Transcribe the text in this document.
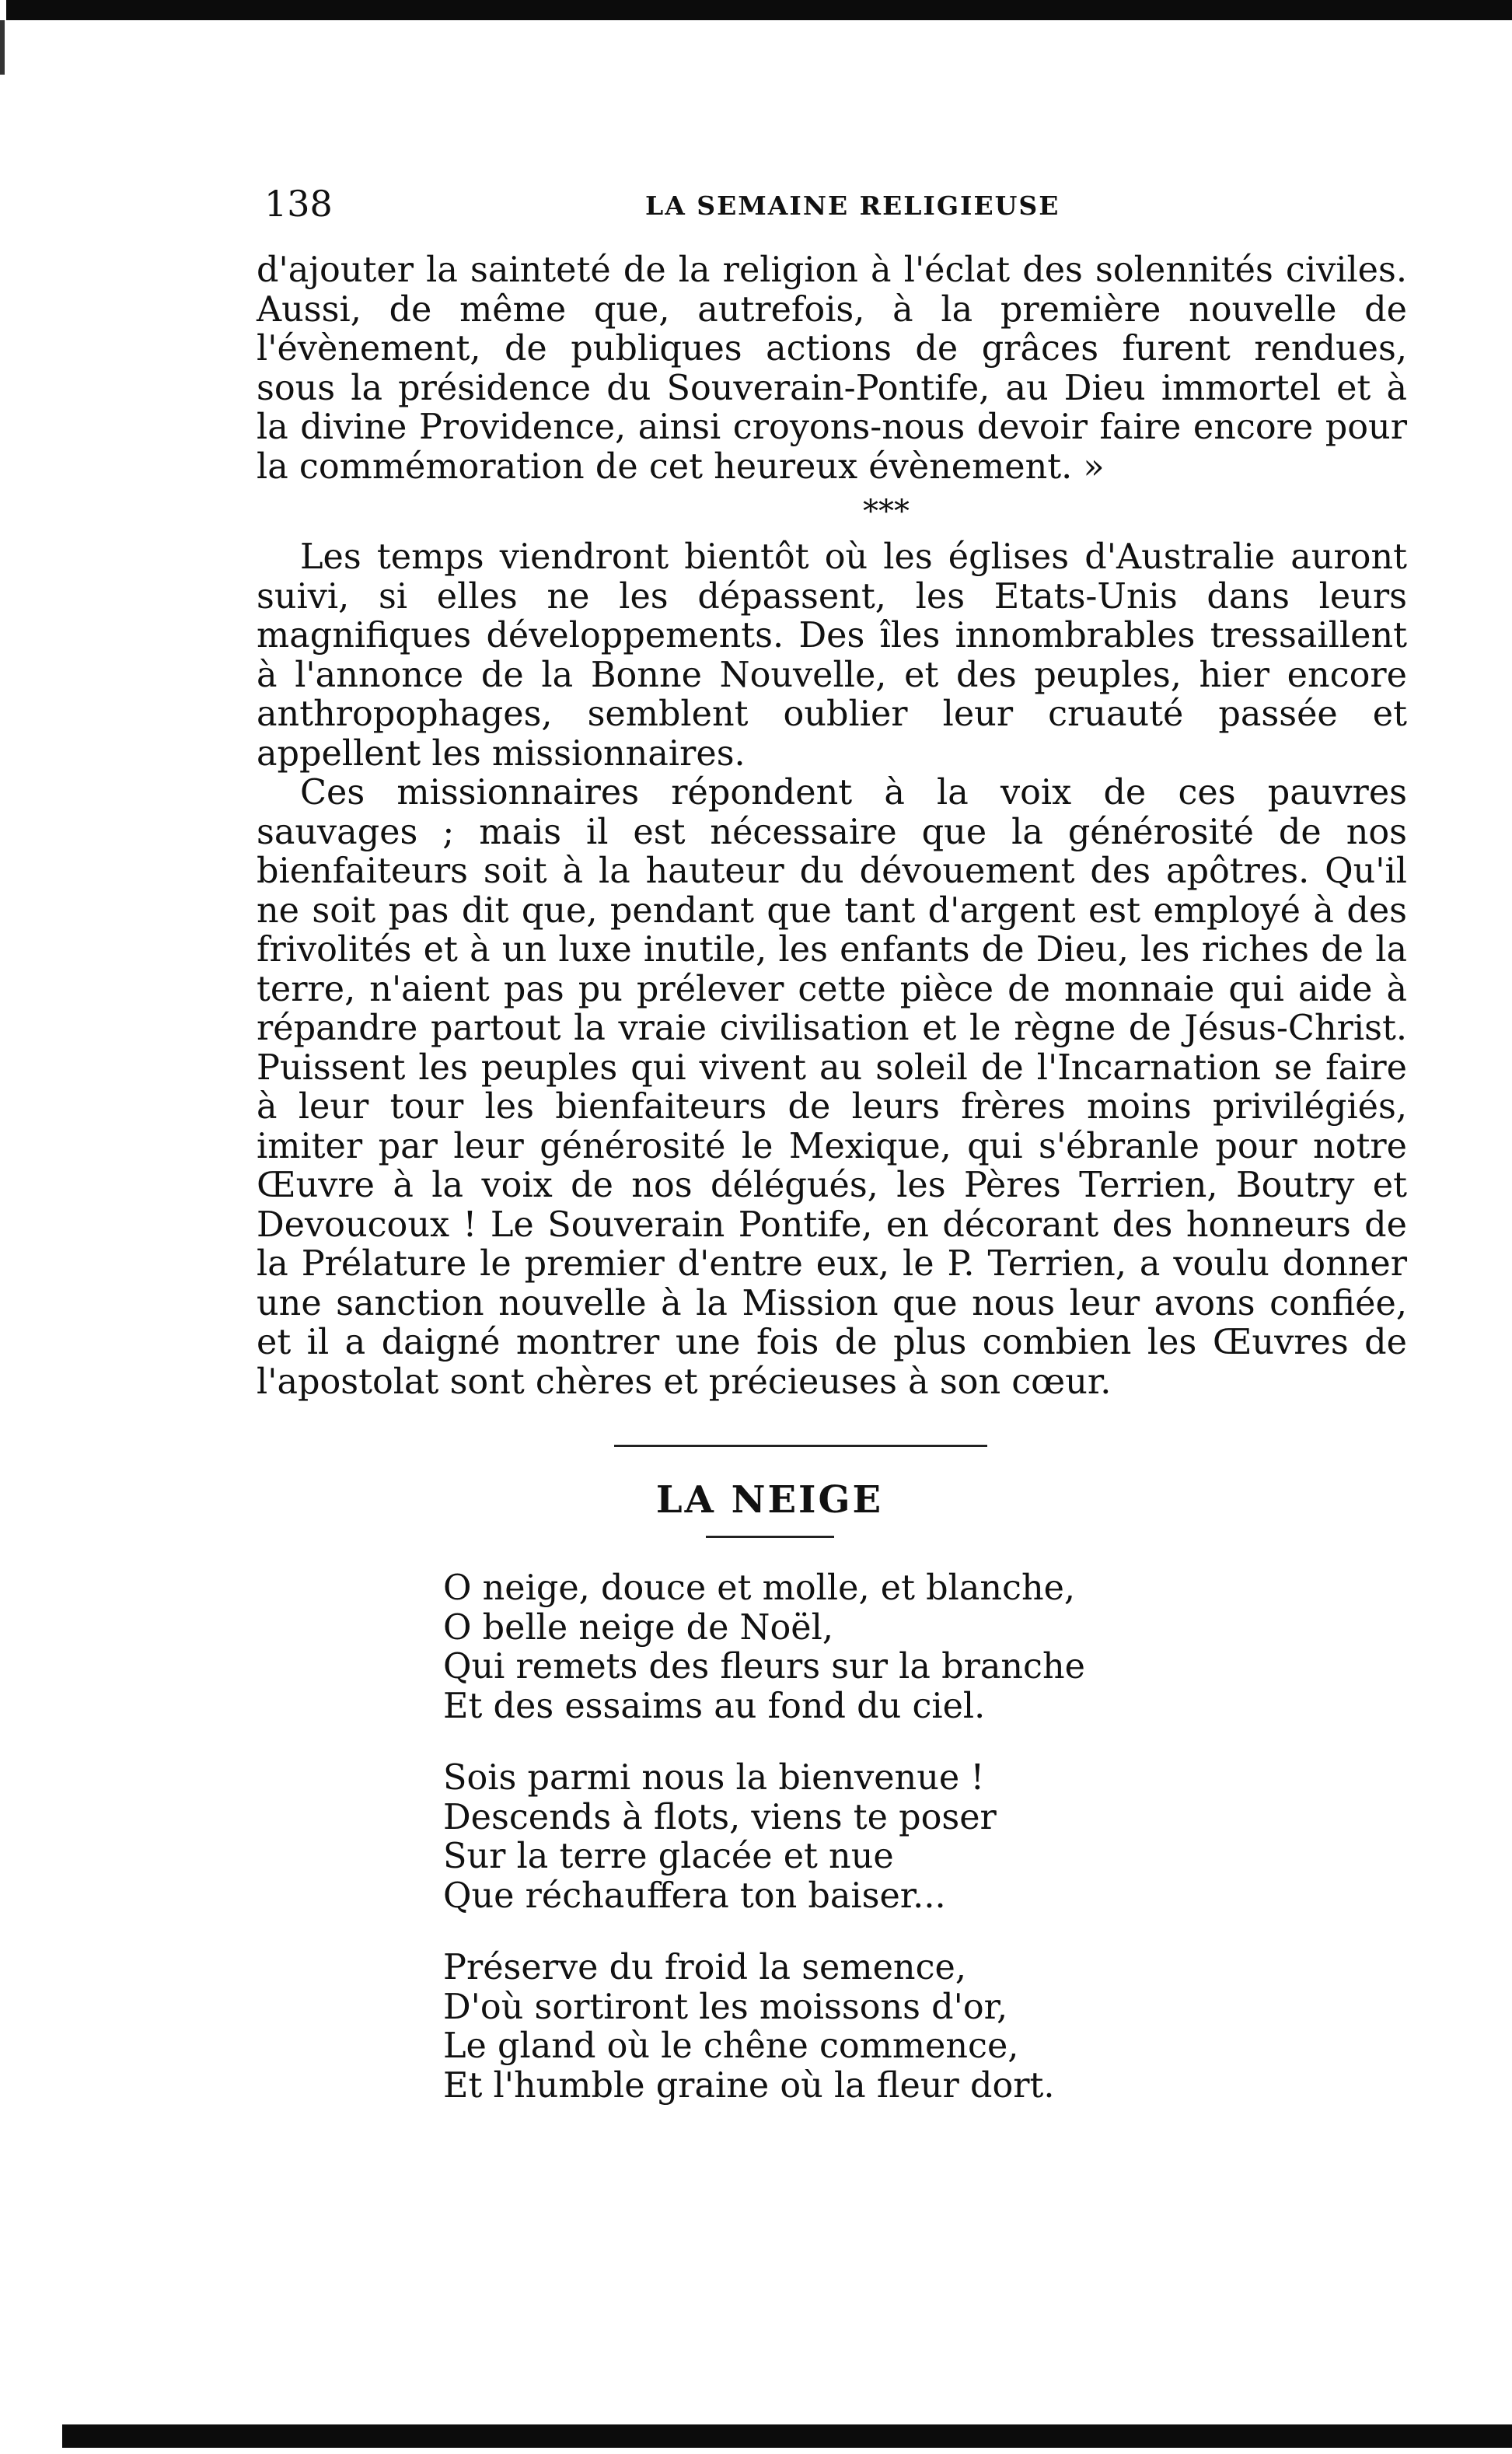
138	LA SEMAINE RELIGIEUSE

d'ajouter la sainteté de la religion à l'éclat des solennités civiles. Aussi, de même que, autrefois, à la première nouvelle de l'évènement, de publiques actions de grâces furent rendues, sous la présidence du Souverain-Pontife, au Dieu immortel et à la divine Providence, ainsi croyons-nous devoir faire encore pour la commémoration de cet heureux évènement. »

***

Les temps viendront bientôt où les églises d'Australie auront suivi, si elles ne les dépassent, les Etats-Unis dans leurs magnifiques développements. Des îles innombrables tressaillent à l'annonce de la Bonne Nouvelle, et des peuples, hier encore anthropophages, semblent oublier leur cruauté passée et appellent les missionnaires.

Ces missionnaires répondent à la voix de ces pauvres sauvages ; mais il est nécessaire que la générosité de nos bienfaiteurs soit à la hauteur du dévouement des apôtres. Qu'il ne soit pas dit que, pendant que tant d'argent est employé à des frivolités et à un luxe inutile, les enfants de Dieu, les riches de la terre, n'aient pas pu prélever cette pièce de monnaie qui aide à répandre partout la vraie civilisation et le règne de Jésus-Christ. Puissent les peuples qui vivent au soleil de l'Incarnation se faire à leur tour les bienfaiteurs de leurs frères moins privilégiés, imiter par leur générosité le Mexique, qui s'ébranle pour notre Œuvre à la voix de nos délégués, les Pères Terrien, Boutry et Devoucoux ! Le Souverain Pontife, en décorant des honneurs de la Prélature le premier d'entre eux, le P. Terrien, a voulu donner une sanction nouvelle à la Mission que nous leur avons confiée, et il a daigné montrer une fois de plus combien les Œuvres de l'apostolat sont chères et précieuses à son cœur.

LA NEIGE
O neige, douce et molle, et blanche,
O belle neige de Noël,
Qui remets des fleurs sur la branche
Et des essaims au fond du ciel.
Sois parmi nous la bienvenue !
Descends à flots, viens te poser
Sur la terre glacée et nue
Que réchauffera ton baiser...
Préserve du froid la semence,
D'où sortiront les moissons d'or,
Le gland où le chêne commence,
Et l'humble graine où la fleur dort.
